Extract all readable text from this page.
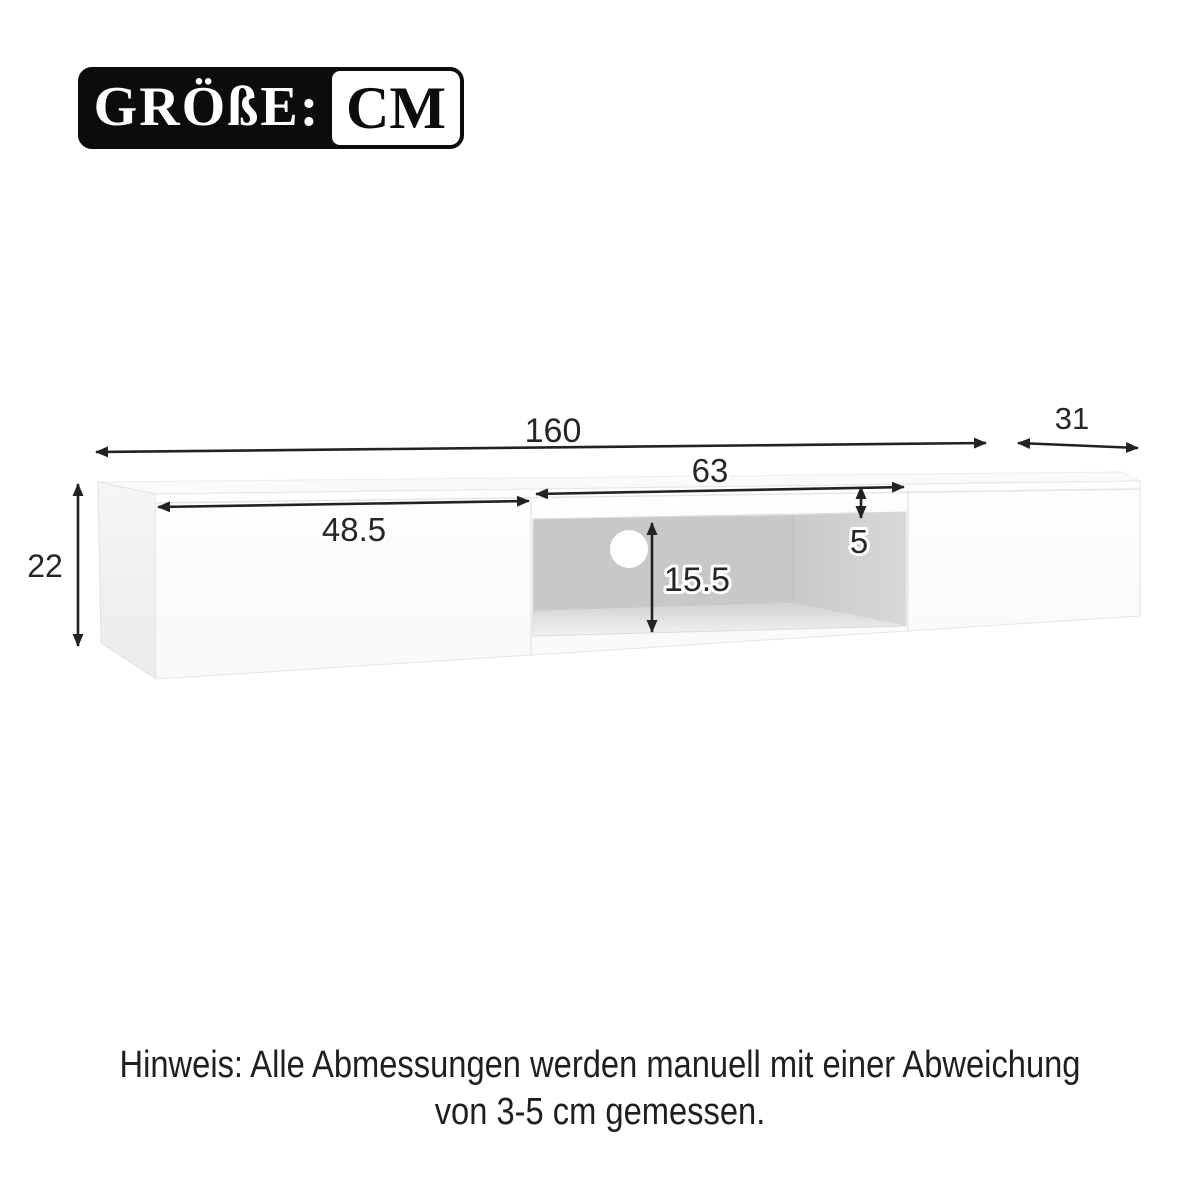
GRÖßE: CM
160	31
48.5
63
5
15.5
22
Hinweis: Alle Abmessungen werden manuell mit einer Abweichung
von 3-5 cm gemessen.
